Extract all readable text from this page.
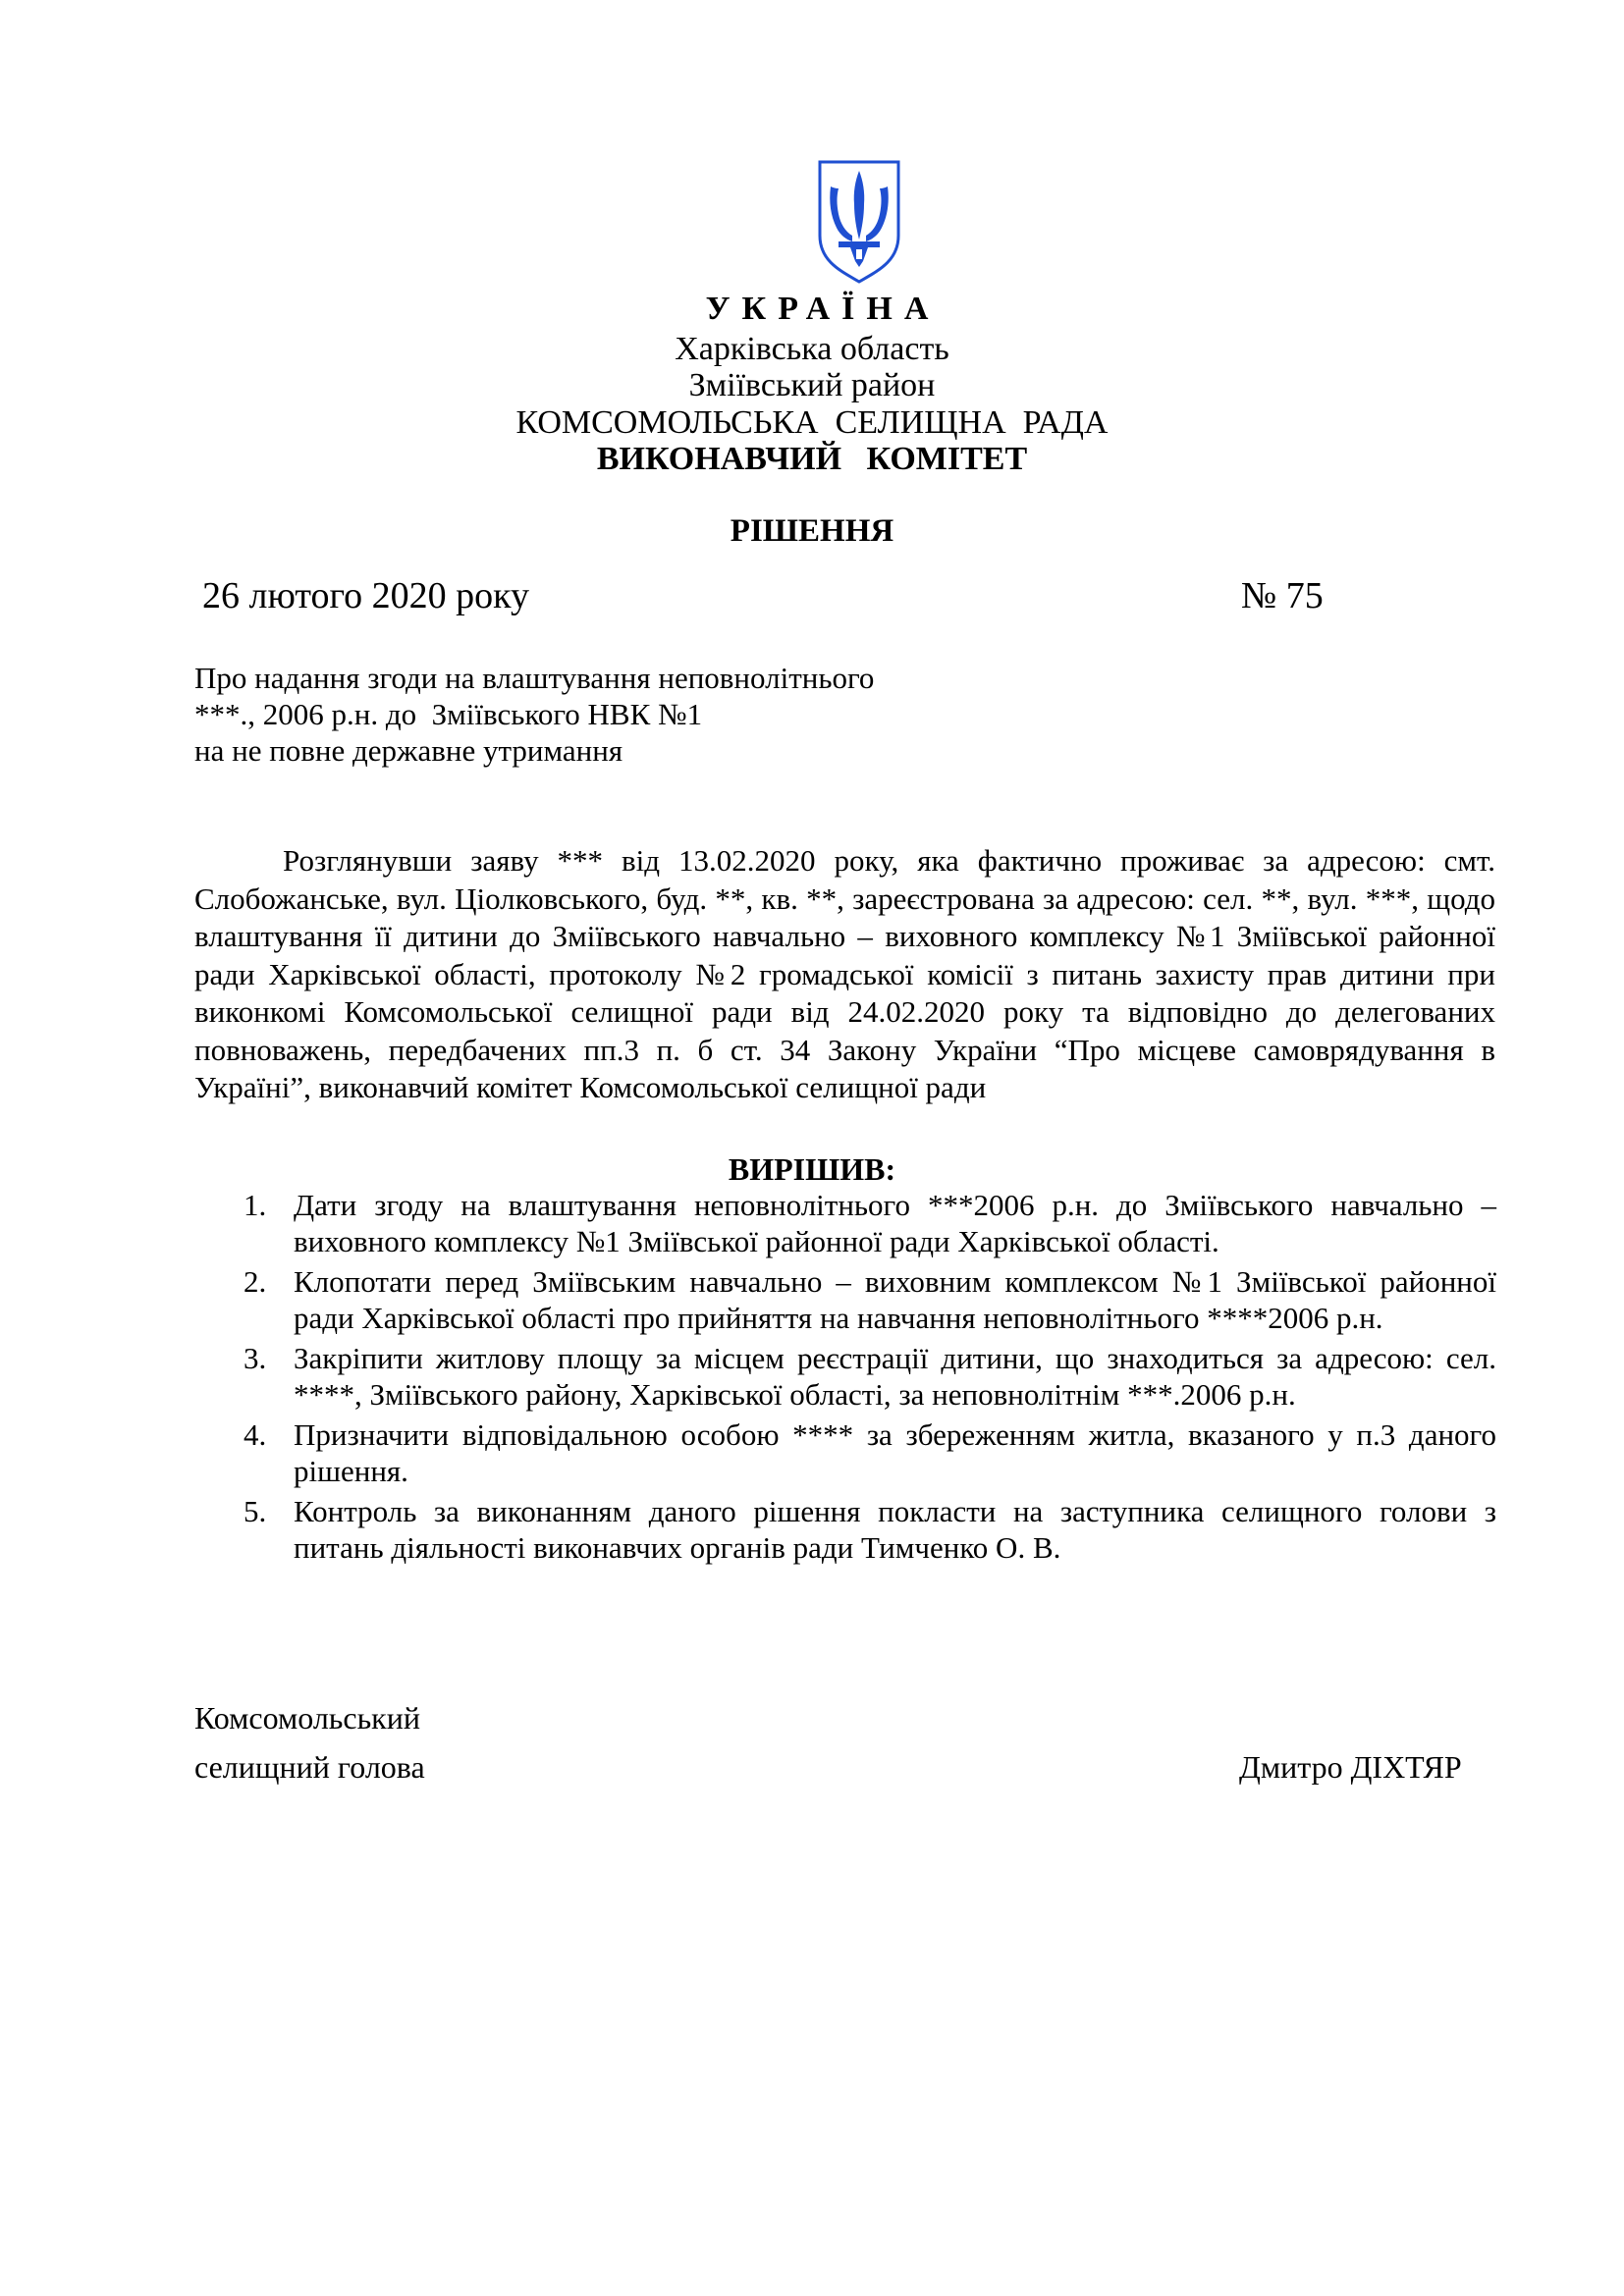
УКРАЇНА
Харківська область
Зміївський район
КОМСОМОЛЬСЬКА  СЕЛИЩНА  РАДА
ВИКОНАВЧИЙ   КОМІТЕТ
РІШЕННЯ
26 лютого 2020 року	№ 75
Про надання згоди на влаштування неповнолітнього
***., 2006 р.н. до  Зміївського НВК №1
на не повне державне утримання
Розглянувши заяву *** від 13.02.2020 року, яка фактично проживає за адресою: смт. Слобожанське, вул. Ціолковського, буд. **, кв. **, зареєстрована за адресою: сел. **, вул. ***, щодо влаштування її дитини до Зміївського навчально – виховного комплексу №1 Зміївської районної ради Харківської області, протоколу №2 громадської комісії з питань захисту прав дитини при виконкомі Комсомольської селищної ради від 24.02.2020 року та відповідно до делегованих повноважень, передбачених пп.3 п. б ст. 34 Закону України “Про місцеве самоврядування в Україні”, виконавчий комітет Комсомольської селищної ради
ВИРІШИВ:
1. Дати згоду на влаштування неповнолітнього ***2006 р.н. до Зміївського навчально – виховного комплексу №1 Зміївської районної ради Харківської області.
2. Клопотати перед Зміївським навчально – виховним комплексом №1 Зміївської районної ради Харківської області про прийняття на навчання неповнолітнього ****2006 р.н.
3. Закріпити житлову площу за місцем реєстрації дитини, що знаходиться за адресою: сел. ****, Зміївського району, Харківської області, за неповнолітнім ***.2006 р.н.
4. Призначити відповідальною особою **** за збереженням житла, вказаного у п.3 даного рішення.
5. Контроль за виконанням даного рішення покласти на заступника селищного голови з питань діяльності виконавчих органів ради Тимченко О. В.
Комсомольський
селищний голова	Дмитро ДІХТЯР
